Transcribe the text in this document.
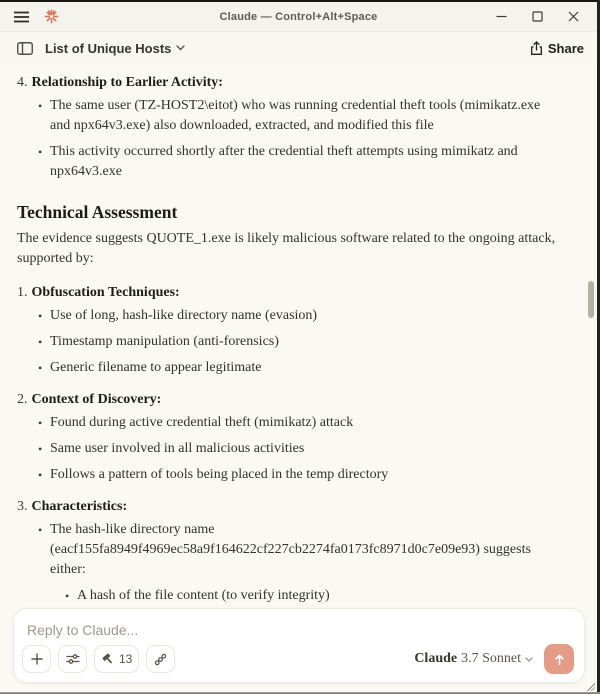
Claude — Control+Alt+Space
List of Unique Hosts	Share
4. Relationship to Earlier Activity:
• The same user (TZ-HOST2\eitot) who was running credential theft tools (mimikatz.exe and npx64v3.exe) also downloaded, extracted, and modified this file
• This activity occurred shortly after the credential theft attempts using mimikatz and npx64v3.exe
Technical Assessment

The evidence suggests QUOTE_1.exe is likely malicious software related to the ongoing attack, supported by:

1. Obfuscation Techniques:
• Use of long, hash-like directory name (evasion)
• Timestamp manipulation (anti-forensics)
• Generic filename to appear legitimate
2. Context of Discovery:
• Found during active credential theft (mimikatz) attack
• Same user involved in all malicious activities
• Follows a pattern of tools being placed in the temp directory
3. Characteristics:
• The hash-like directory name (eacf155fa8949f4969ec58a9f164622cf227cb2274fa0173fc8971d0c7e09e93) suggests either:
• A hash of the file content (to verify integrity)
•
Reply to Claude...
13	Claude 3.7 Sonnet
